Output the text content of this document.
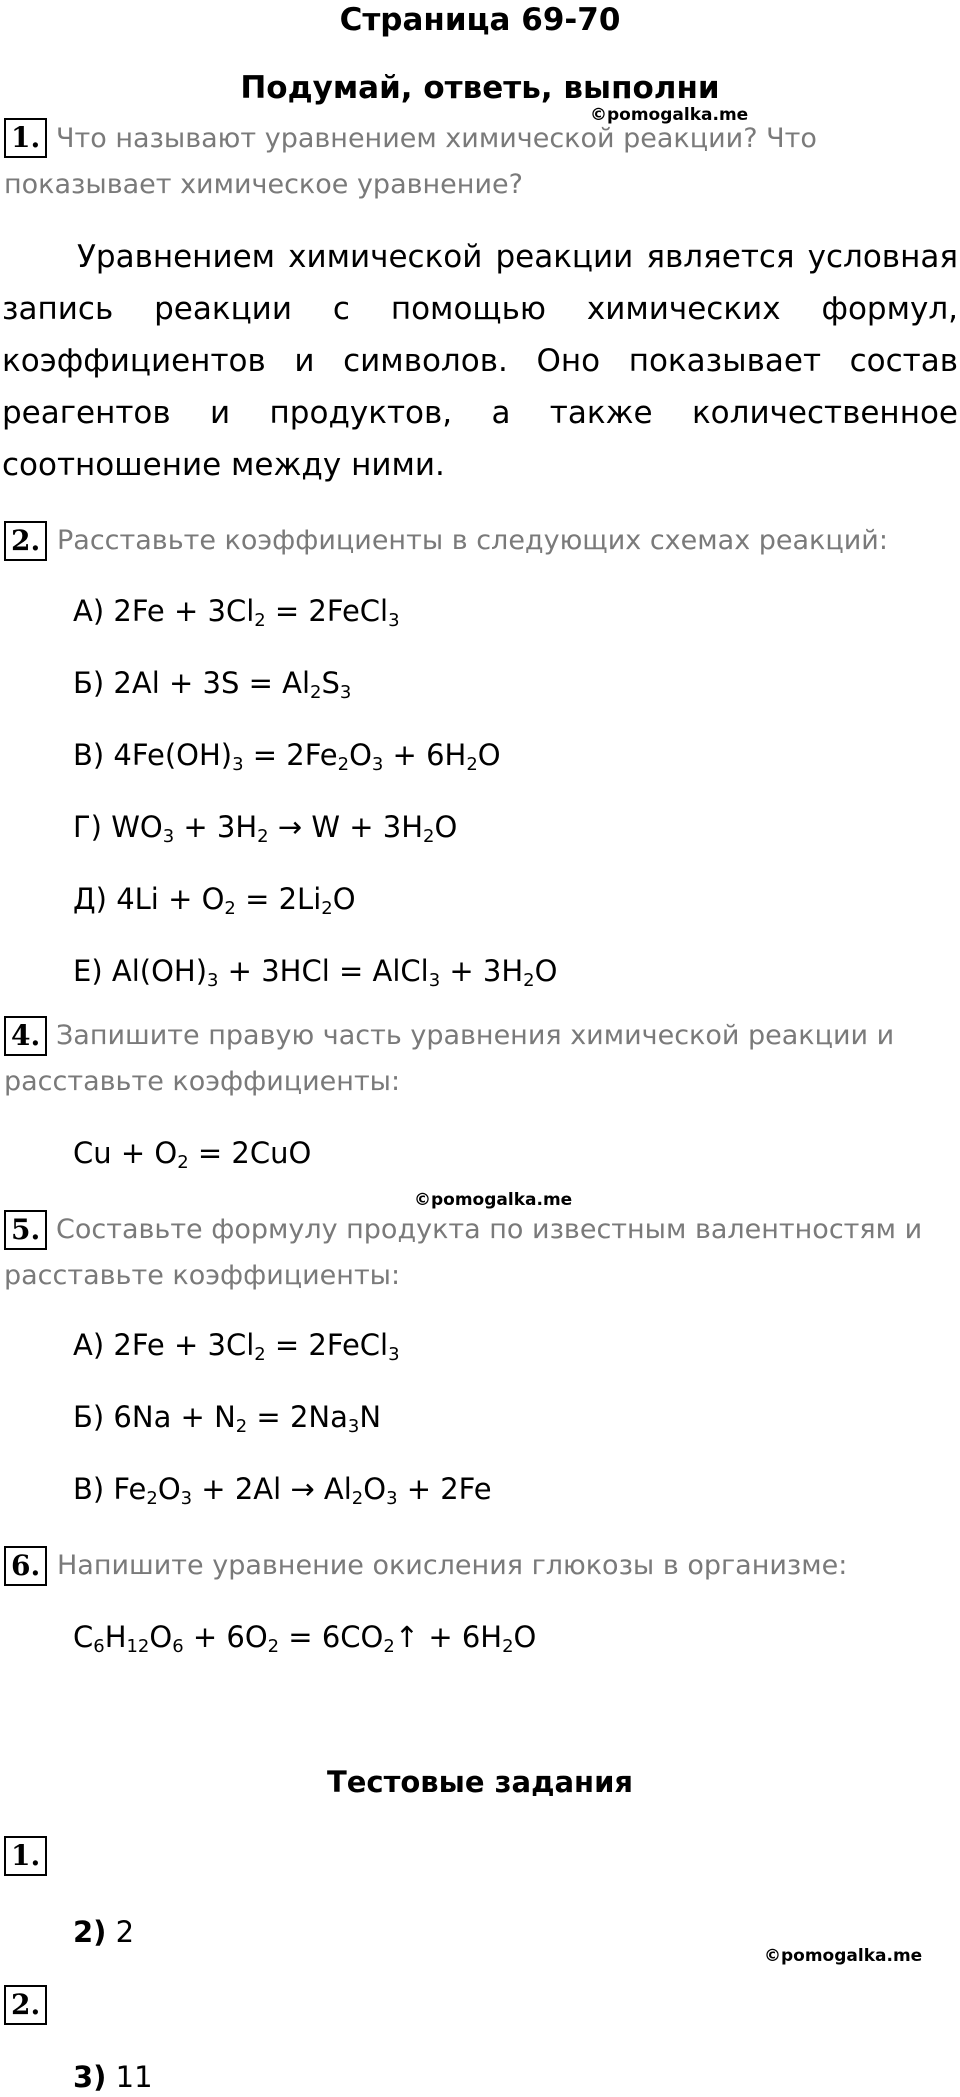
Страница 69-70
Подумай, ответь, выполни
©pomogalka.me
1. Что называют уравнением химической реакции? Что показывает химическое уравнение?
Уравнением химической реакции является условная запись реакции с помощью химических формул, коэффициентов и символов. Оно показывает состав реагентов и продуктов, а также количественное соотношение между ними.
2. Расставьте коэффициенты в следующих схемах реакций:
А) $2Fe + 3Cl_2$ = 2FeCl$_3$
Б) $2Al + 3S = Al_2S_3$
В) $4Fe(OH)_3 = 2Fe_2O_3 + 6H_2O$
Г) $WO_3 + 3H_2 \to W + 3H_2O$
Д) $4Li + O_2 = 2Li_2O$
Е) $Al(OH)_3 + 3HCl$ = AlCl$_3$ + $3H_2O$
4. Запишите правую часть уравнения химической реакции и расставьте коэффициенты:
$Cu + O_2 = 2CuO$
©pomogalka.me
5. Составьте формулу продукта по известным валентностям и расставьте коэффициенты:
А) $2Fe + 3Cl_2$ = 2FeCl$_3$
Б) $6Na + N_2 = 2Na_3N$
В) $Fe_2O_3 + 2Al \to Al_2O_3 + 2Fe$
6. Напишите уравнение окисления глюкозы в организме:
$C_6H_{12}O_6 + 6O_2$ = $6CO_2↑ + 6H_2O$
Тестовые задания
1.
2) 2
©pomogalka.me
2.
3) 11
